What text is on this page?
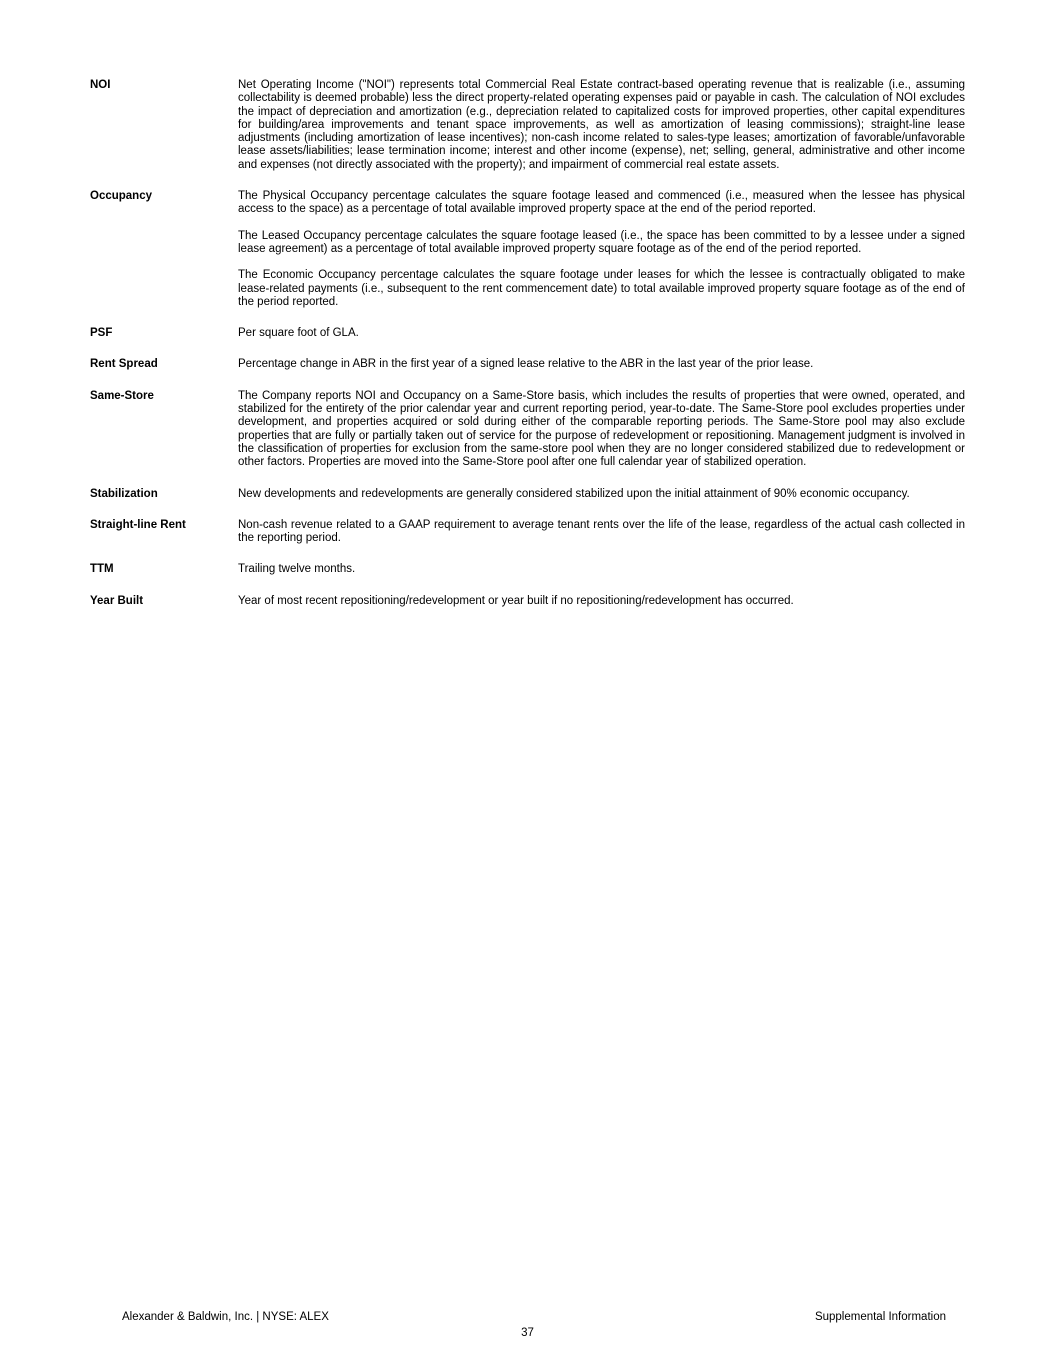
NOI	Net Operating Income ("NOI") represents total Commercial Real Estate contract-based operating revenue that is realizable (i.e., assuming collectability is deemed probable) less the direct property-related operating expenses paid or payable in cash. The calculation of NOI excludes the impact of depreciation and amortization (e.g., depreciation related to capitalized costs for improved properties, other capital expenditures for building/area improvements and tenant space improvements, as well as amortization of leasing commissions); straight-line lease adjustments (including amortization of lease incentives); non-cash income related to sales-type leases; amortization of favorable/unfavorable lease assets/liabilities; lease termination income; interest and other income (expense), net; selling, general, administrative and other income and expenses (not directly associated with the property); and impairment of commercial real estate assets.

Occupancy	The Physical Occupancy percentage calculates the square footage leased and commenced (i.e., measured when the lessee has physical access to the space) as a percentage of total available improved property space at the end of the period reported.

The Leased Occupancy percentage calculates the square footage leased (i.e., the space has been committed to by a lessee under a signed lease agreement) as a percentage of total available improved property square footage as of the end of the period reported.

The Economic Occupancy percentage calculates the square footage under leases for which the lessee is contractually obligated to make lease-related payments (i.e., subsequent to the rent commencement date) to total available improved property square footage as of the end of the period reported.

PSF	Per square foot of GLA.

Rent Spread	Percentage change in ABR in the first year of a signed lease relative to the ABR in the last year of the prior lease.

Same-Store	The Company reports NOI and Occupancy on a Same-Store basis, which includes the results of properties that were owned, operated, and stabilized for the entirety of the prior calendar year and current reporting period, year-to-date. The Same-Store pool excludes properties under development, and properties acquired or sold during either of the comparable reporting periods. The Same-Store pool may also exclude properties that are fully or partially taken out of service for the purpose of redevelopment or repositioning. Management judgment is involved in the classification of properties for exclusion from the same-store pool when they are no longer considered stabilized due to redevelopment or other factors. Properties are moved into the Same-Store pool after one full calendar year of stabilized operation.

Stabilization	New developments and redevelopments are generally considered stabilized upon the initial attainment of 90% economic occupancy.

Straight-line Rent	Non-cash revenue related to a GAAP requirement to average tenant rents over the life of the lease, regardless of the actual cash collected in the reporting period.

TTM	Trailing twelve months.

Year Built	Year of most recent repositioning/redevelopment or year built if no repositioning/redevelopment has occurred.

Alexander & Baldwin, Inc. | NYSE: ALEX	Supplemental Information
37
